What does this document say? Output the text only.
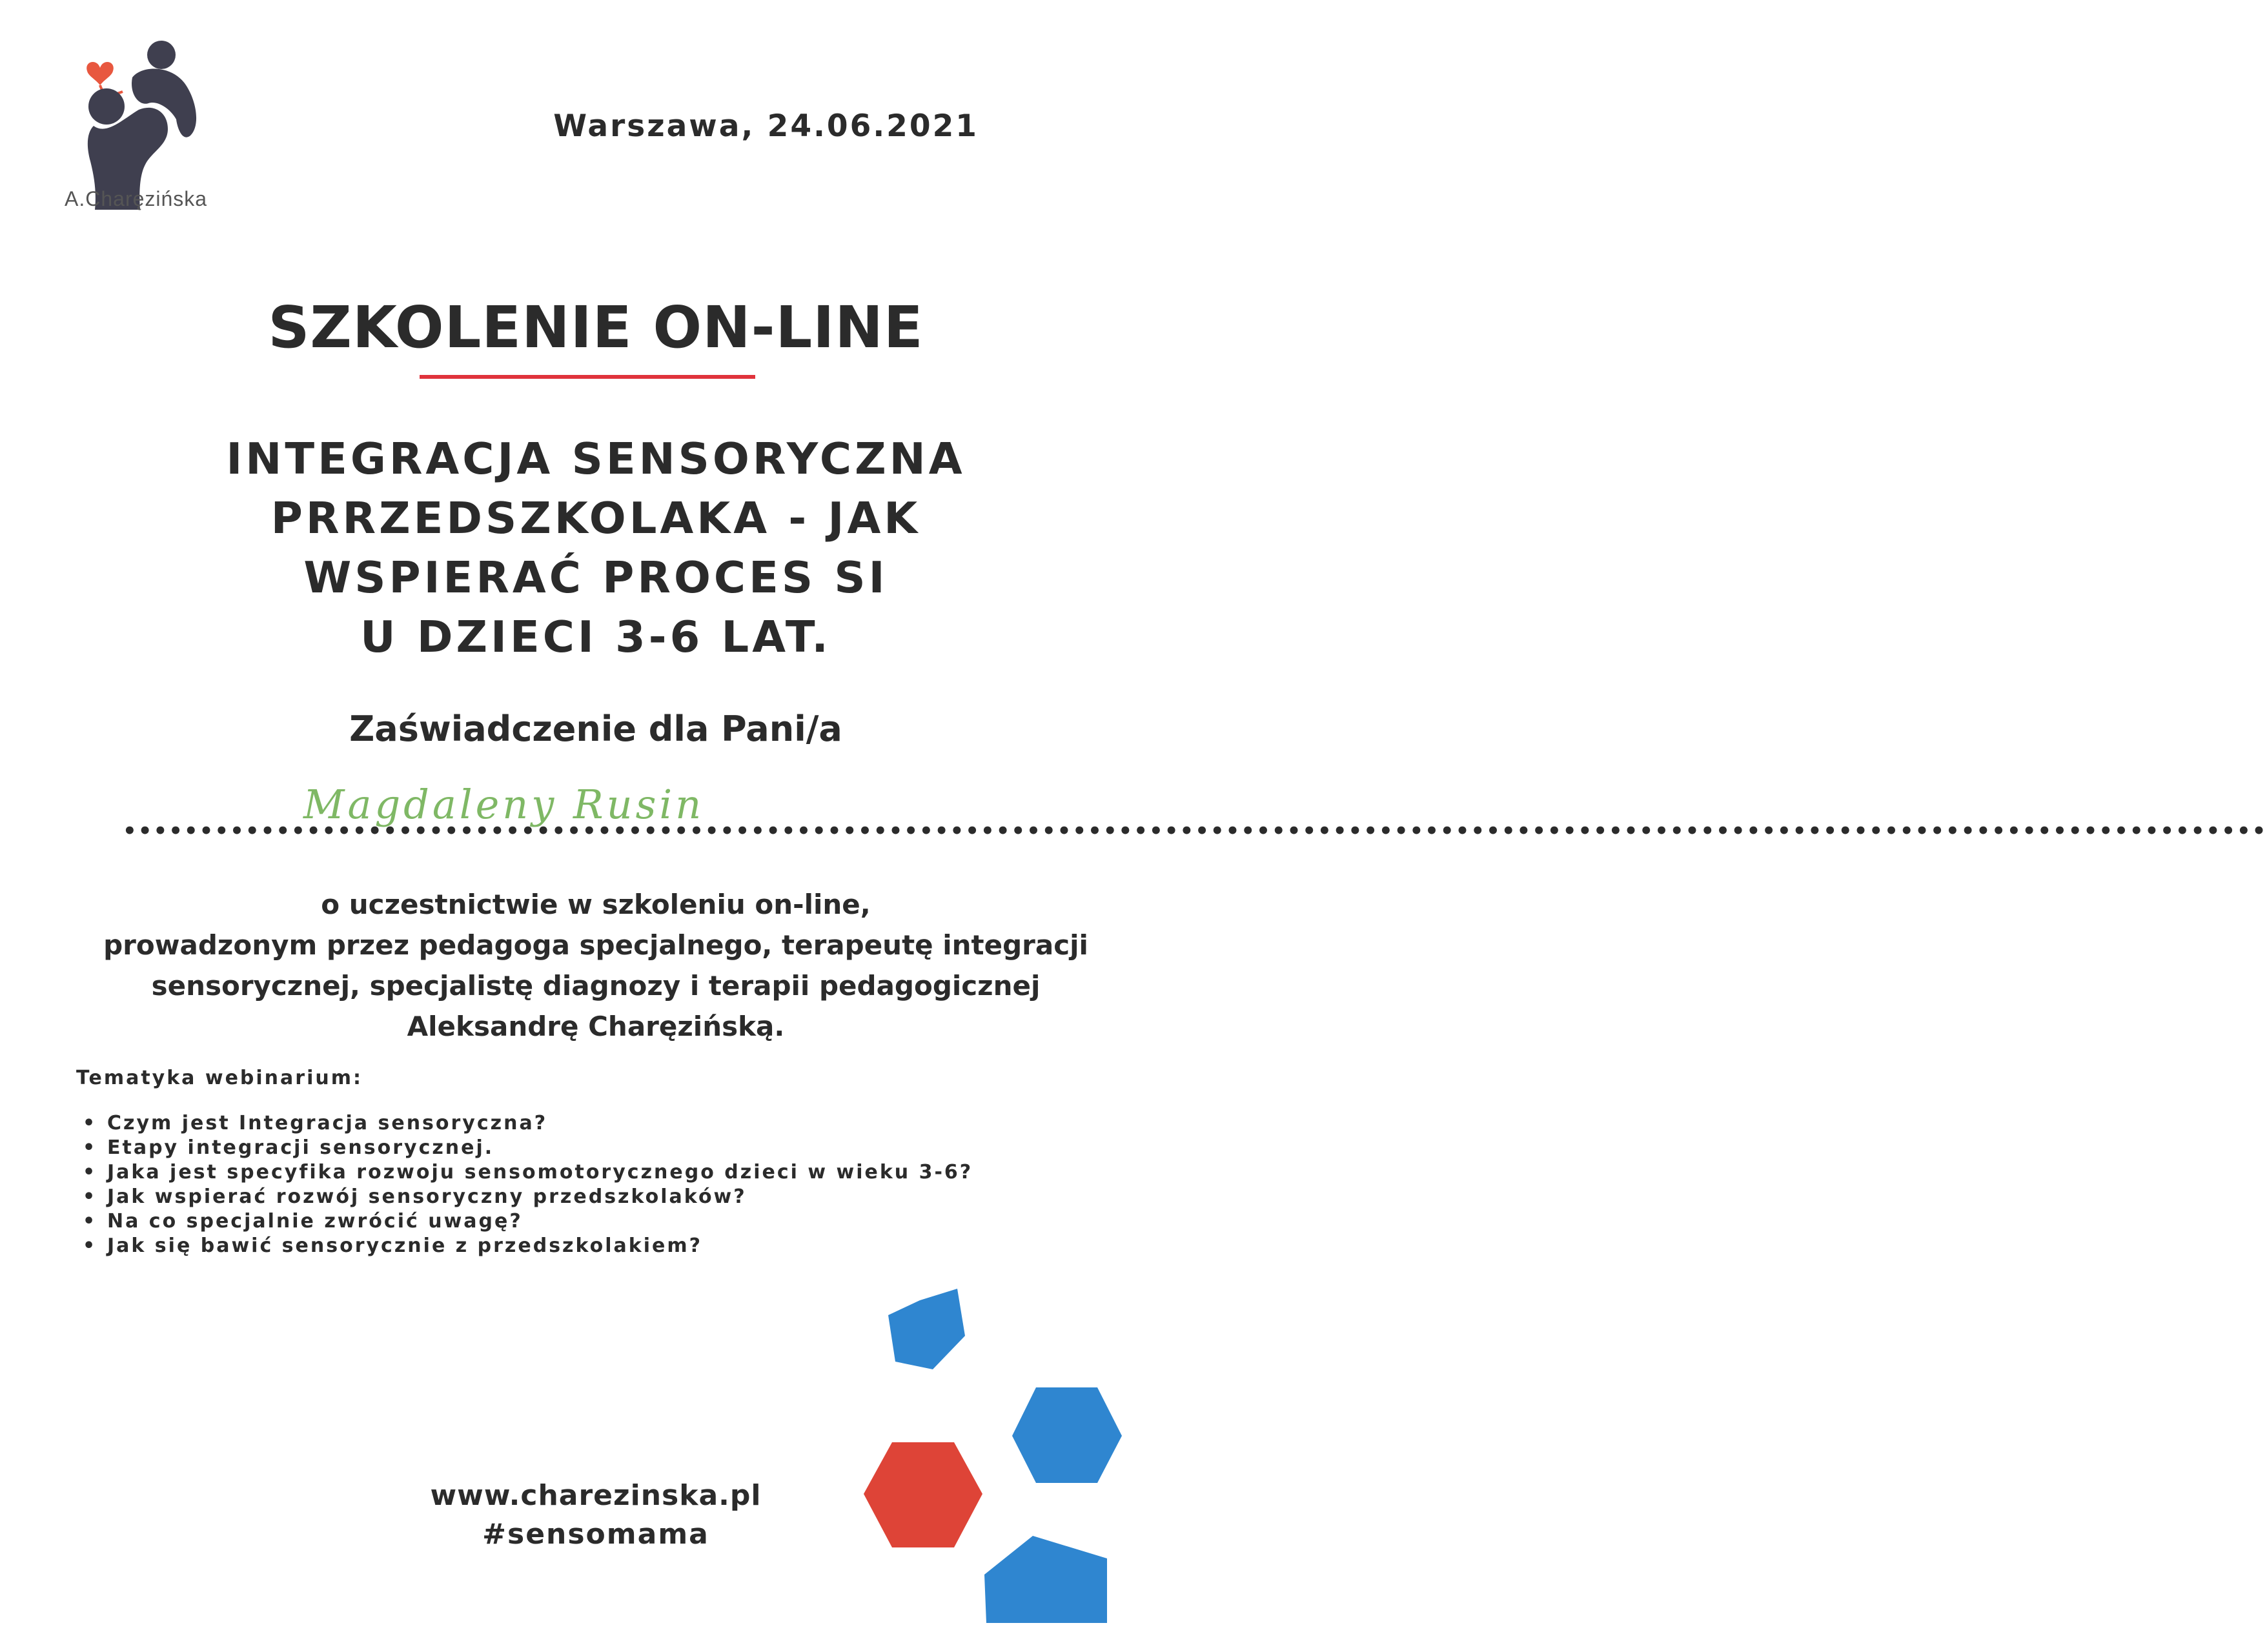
A.Charęzińska
Warszawa, 24.06.2021
SZKOLENIE ON-LINE
INTEGRACJA SENSORYCZNA
PRRZEDSZKOLAKA - JAK
WSPIERAĆ PROCES SI
U DZIECI 3-6 LAT.
Zaświadczenie dla Pani/a
Magdaleny Rusin
••••••••••••••••••••••••••••••••••••••••••••••••••••••••••••••••••••••••••••••••••••••••••••••••••••••••••••••••••••••••••••••••••••••••••••
o uczestnictwie w szkoleniu on-line,
prowadzonym przez pedagoga specjalnego, terapeutę integracji
sensorycznej, specjalistę diagnozy i terapii pedagogicznej
Aleksandrę Charęzińską.
Tematyka webinarium:
• Czym jest Integracja sensoryczna?
• Etapy integracji sensorycznej.
• Jaka jest specyfika rozwoju sensomotorycznego dzieci w wieku 3-6?
• Jak wspierać rozwój sensoryczny przedszkolaków?
• Na co specjalnie zwrócić uwagę?
• Jak się bawić sensorycznie z przedszkolakiem?
www.charezinska.pl
#sensomama
